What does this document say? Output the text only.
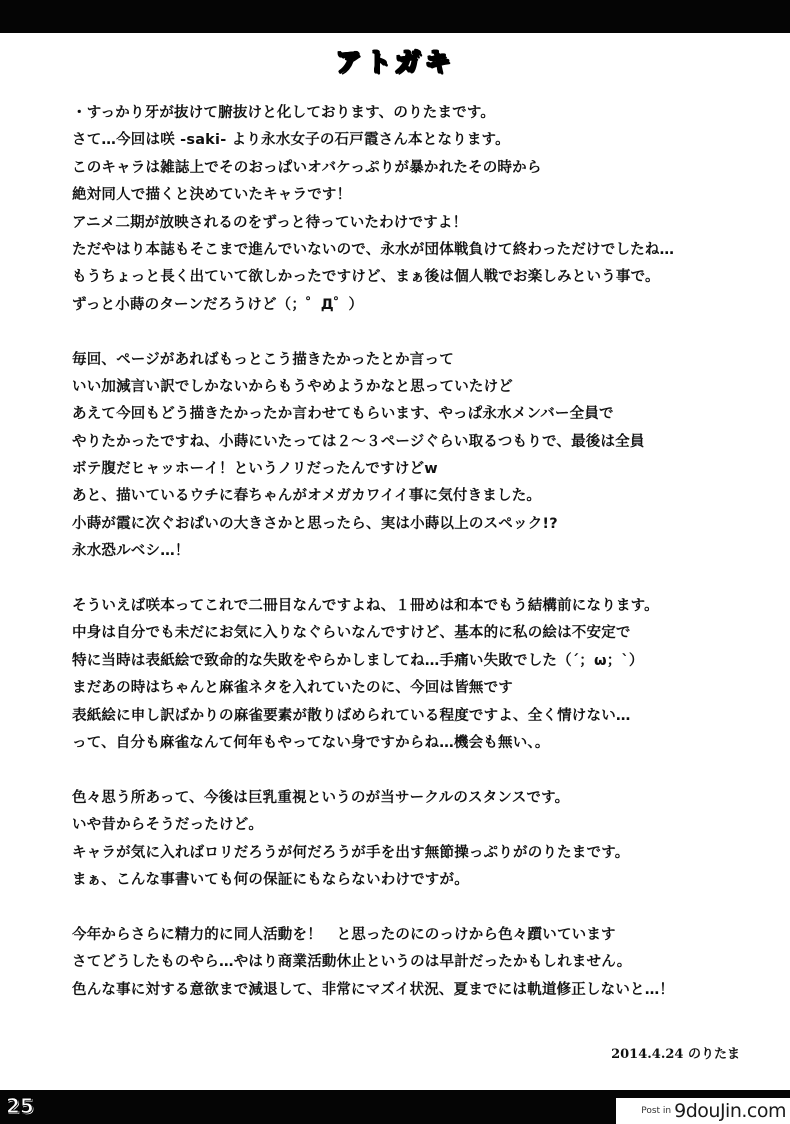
アトガキ
・すっかり牙が抜けて腑抜けと化しております、のりたまです。
さて…今回は咲 -saki- より永水女子の石戸霞さん本となります。
このキャラは雑誌上でそのおっぱいオバケっぷりが暴かれたその時から
絶対同人で描くと決めていたキャラです！
アニメ二期が放映されるのをずっと待っていたわけですよ！
ただやはり本誌もそこまで進んでいないので、永水が団体戦負けて終わっただけでしたね…
もうちょっと長く出ていて欲しかったですけど、まぁ後は個人戦でお楽しみという事で。
ずっと小蒔のターンだろうけど（；゜Д゜）
毎回、ページがあればもっとこう描きたかったとか言って
いい加減言い訳でしかないからもうやめようかなと思っていたけど
あえて今回もどう描きたかったか言わせてもらいます、やっぱ永水メンバー全員で
やりたかったですね、小蒔にいたっては２～３ページぐらい取るつもりで、最後は全員
ボテ腹だヒャッホーイ！というノリだったんですけどw
あと、描いているウチに春ちゃんがオメガカワイイ事に気付きました。
小蒔が霞に次ぐおぱいの大きさかと思ったら、実は小蒔以上のスペック!?
永水恐ルベシ…！
そういえば咲本ってこれで二冊目なんですよね、１冊めは和本でもう結構前になります。
中身は自分でも未だにお気に入りなぐらいなんですけど、基本的に私の絵は不安定で
特に当時は表紙絵で致命的な失敗をやらかしましてね…手痛い失敗でした（´；ω；`）
まだあの時はちゃんと麻雀ネタを入れていたのに、今回は皆無です
表紙絵に申し訳ばかりの麻雀要素が散りばめられている程度ですよ、全く情けない…
って、自分も麻雀なんて何年もやってない身ですからね…機会も無い、。
色々思う所あって、今後は巨乳重視というのが当サークルのスタンスです。
いや昔からそうだったけど。
キャラが気に入ればロリだろうが何だろうが手を出す無節操っぷりがのりたまです。
まぁ、こんな事書いても何の保証にもならないわけですが。
今年からさらに精力的に同人活動を！　と思ったのにのっけから色々躓いています
さてどうしたものやら…やはり商業活動休止というのは早計だったかもしれません。
色んな事に対する意欲まで減退して、非常にマズイ状況、夏までには軌道修正しないと…！
2014.4.24 のりたま
25	Post in 9douJin.com
